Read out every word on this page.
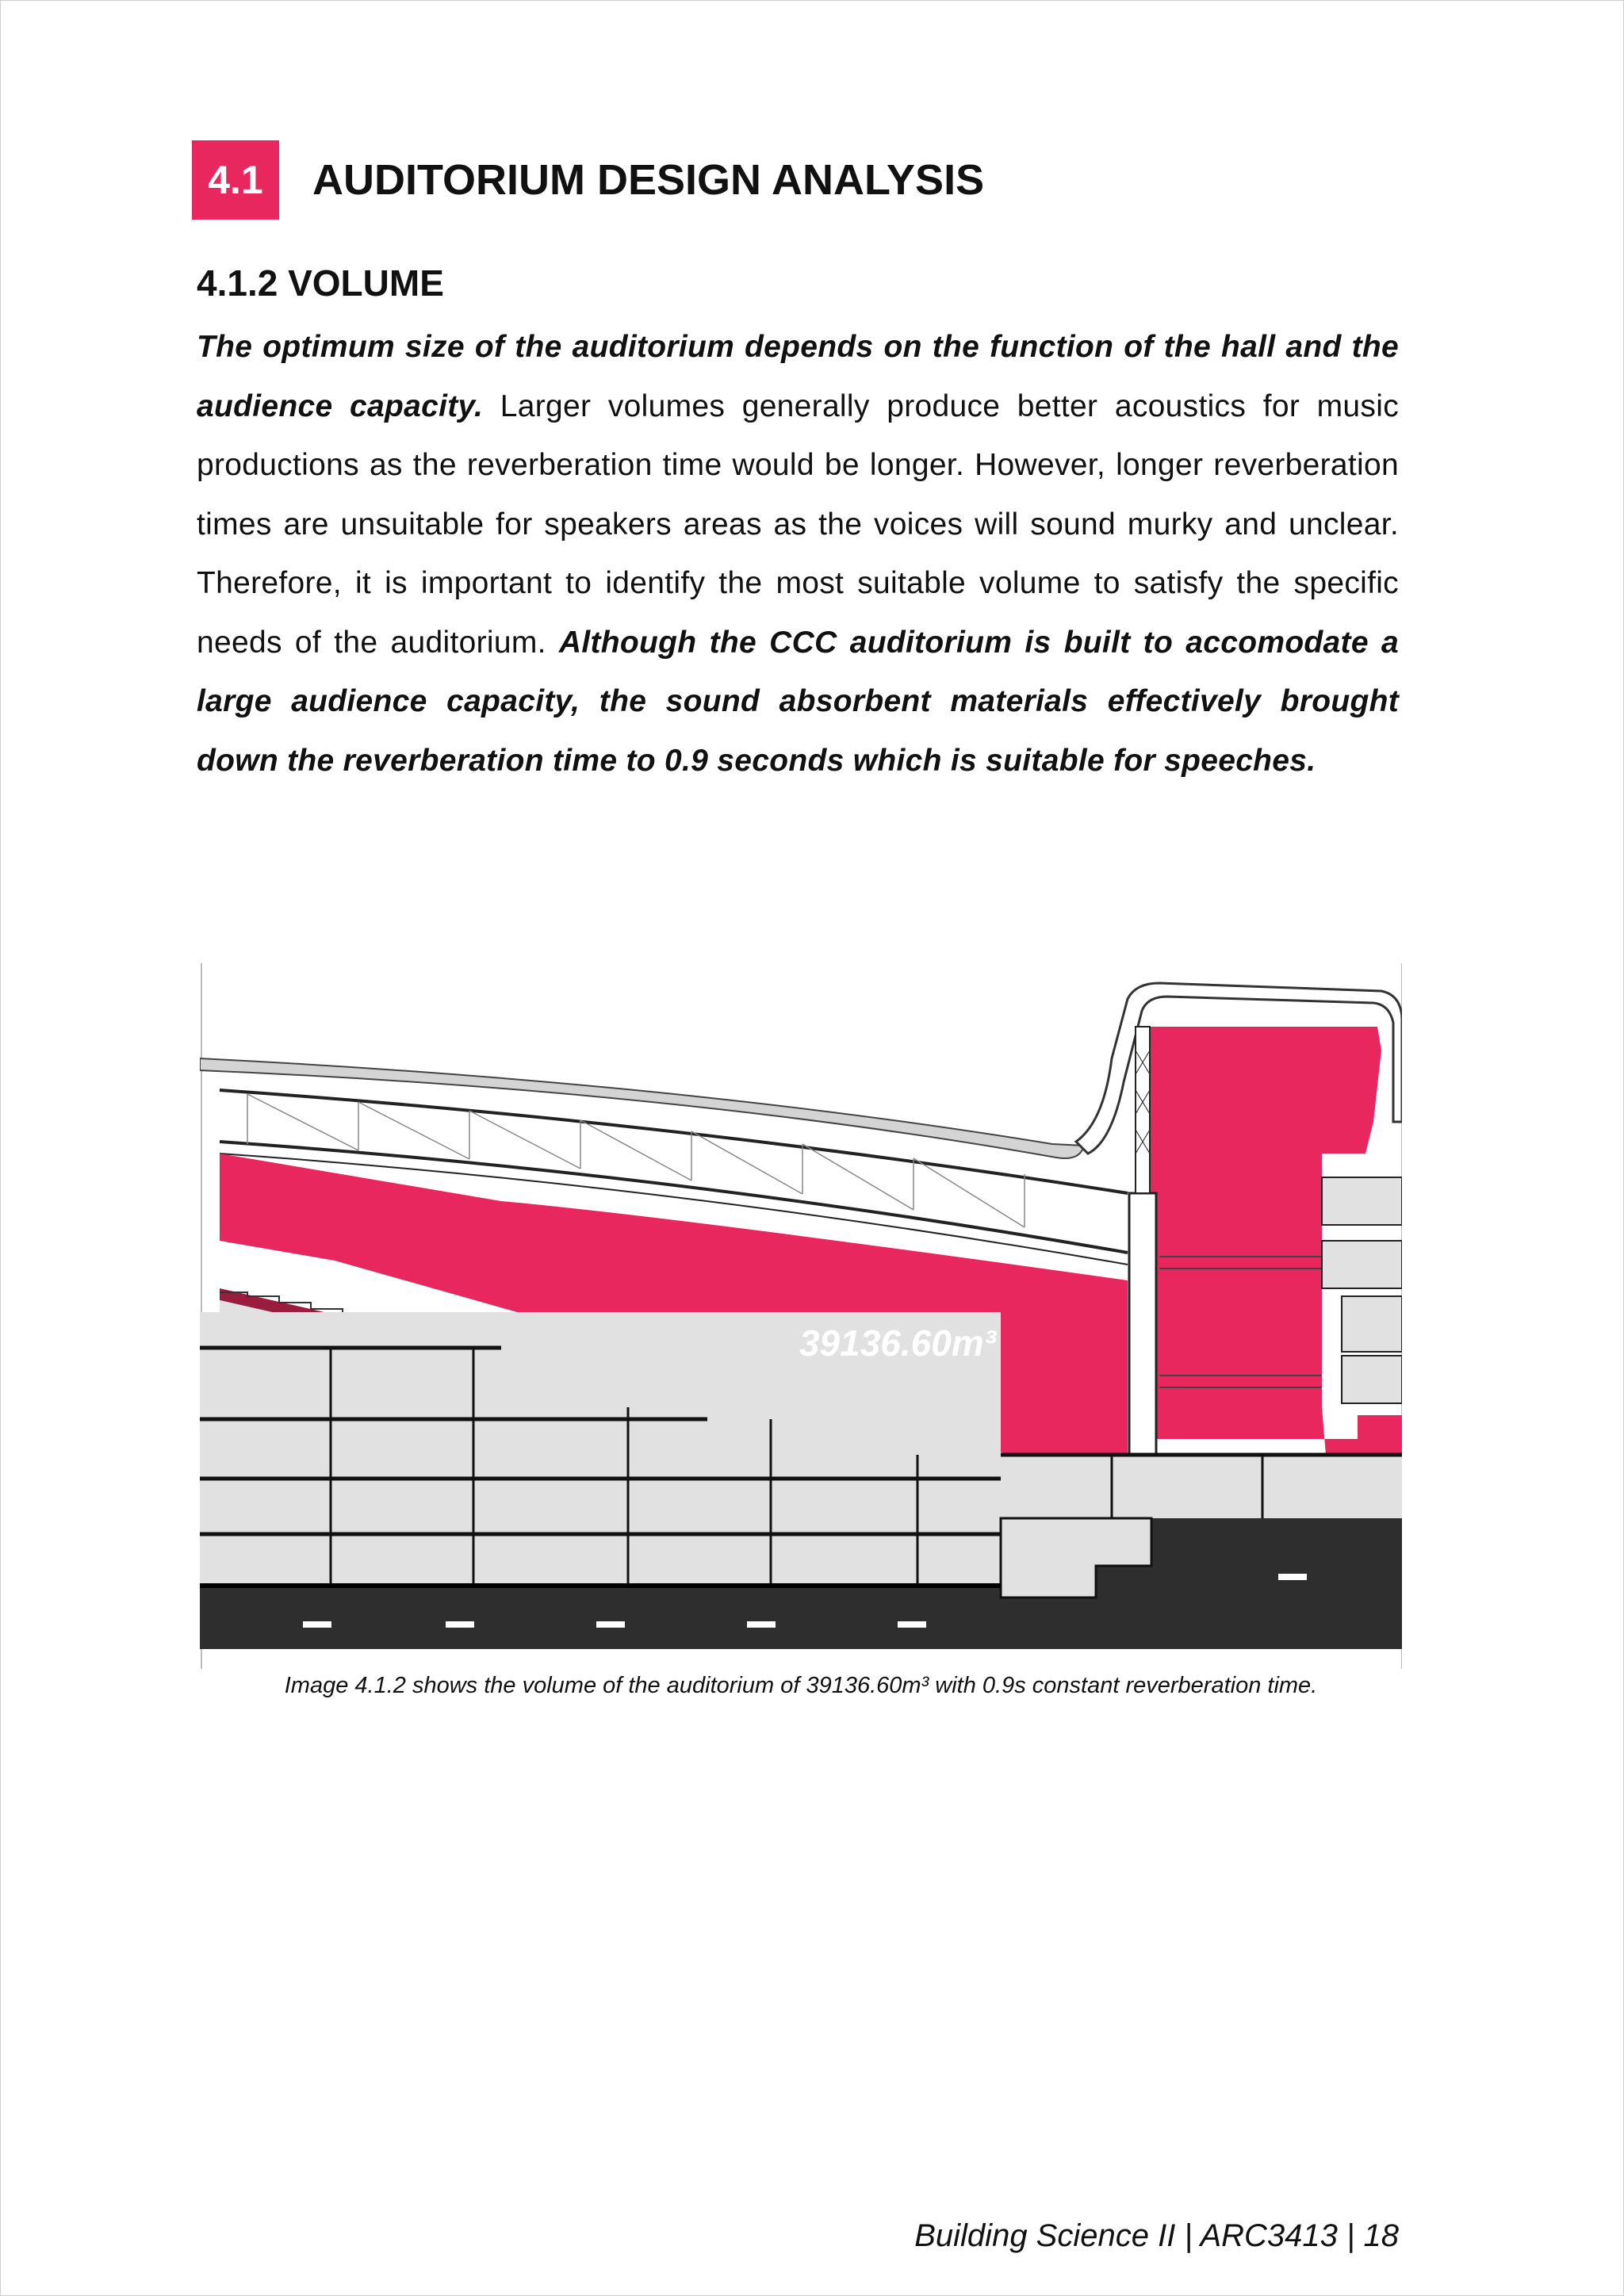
4.1	AUDITORIUM DESIGN ANALYSIS
4.1.2 VOLUME
The optimum size of the auditorium depends on the function of the hall and the audience capacity. Larger volumes generally produce better acoustics for music productions as the reverberation time would be longer. However, longer reverberation times are unsuitable for speakers areas as the voices will sound murky and unclear. Therefore, it is important to identify the most suitable volume to satisfy the specific needs of the auditorium. Although the CCC auditorium is built to accomodate a large audience capacity, the sound absorbent materials effectively brought down the reverberation time to 0.9 seconds which is suitable for speeches.
39136.60m³
Image 4.1.2 shows the volume of the auditorium of 39136.60m³ with 0.9s constant reverberation time.
Building Science II | ARC3413 | 18
